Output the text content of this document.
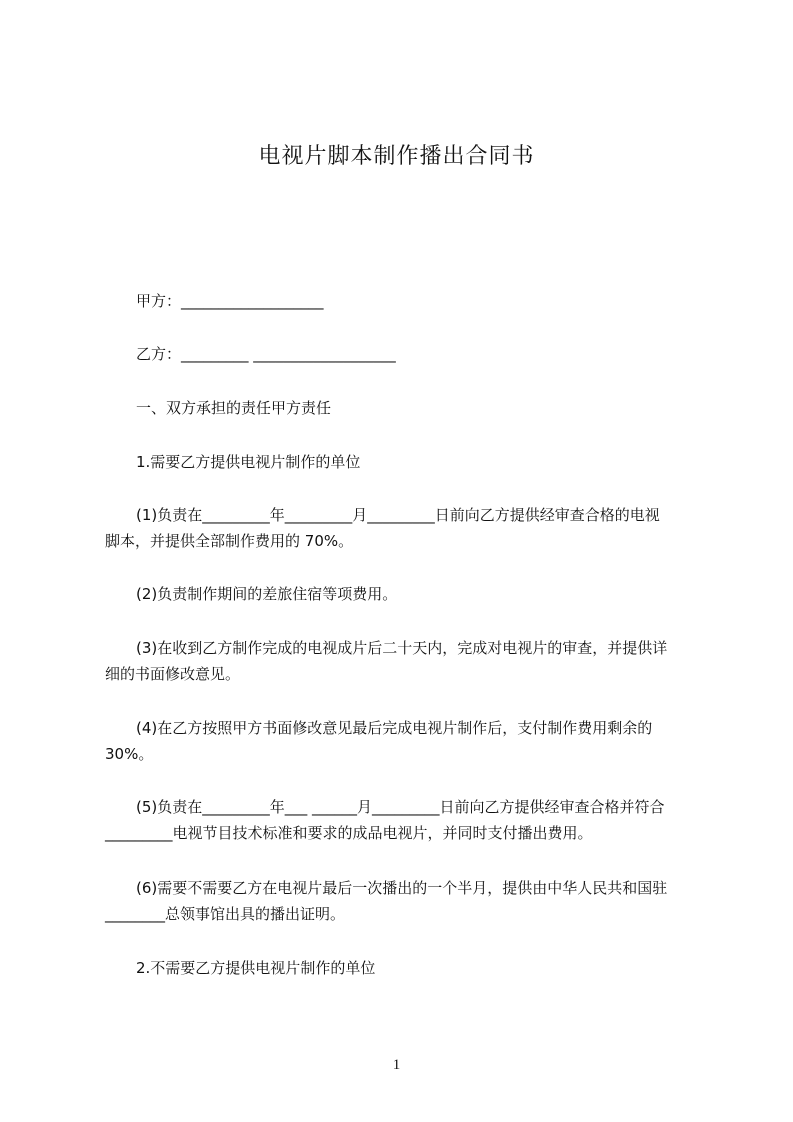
电视片脚本制作播出合同书
甲方：___________________
乙方：_________ ___________________
一、双方承担的责任甲方责任
1.需要乙方提供电视片制作的单位
(1)负责在_________年_________月_________日前向乙方提供经审查合格的电视
脚本，并提供全部制作费用的 70%。
(2)负责制作期间的差旅住宿等项费用。
(3)在收到乙方制作完成的电视成片后二十天内，完成对电视片的审查，并提供详
细的书面修改意见。
(4)在乙方按照甲方书面修改意见最后完成电视片制作后，支付制作费用剩余的
30%。
(5)负责在_________年___ ______月_________日前向乙方提供经审查合格并符合
_________电视节目技术标准和要求的成品电视片，并同时支付播出费用。
(6)需要不需要乙方在电视片最后一次播出的一个半月，提供由中华人民共和国驻
________总领事馆出具的播出证明。
2.不需要乙方提供电视片制作的单位
1
